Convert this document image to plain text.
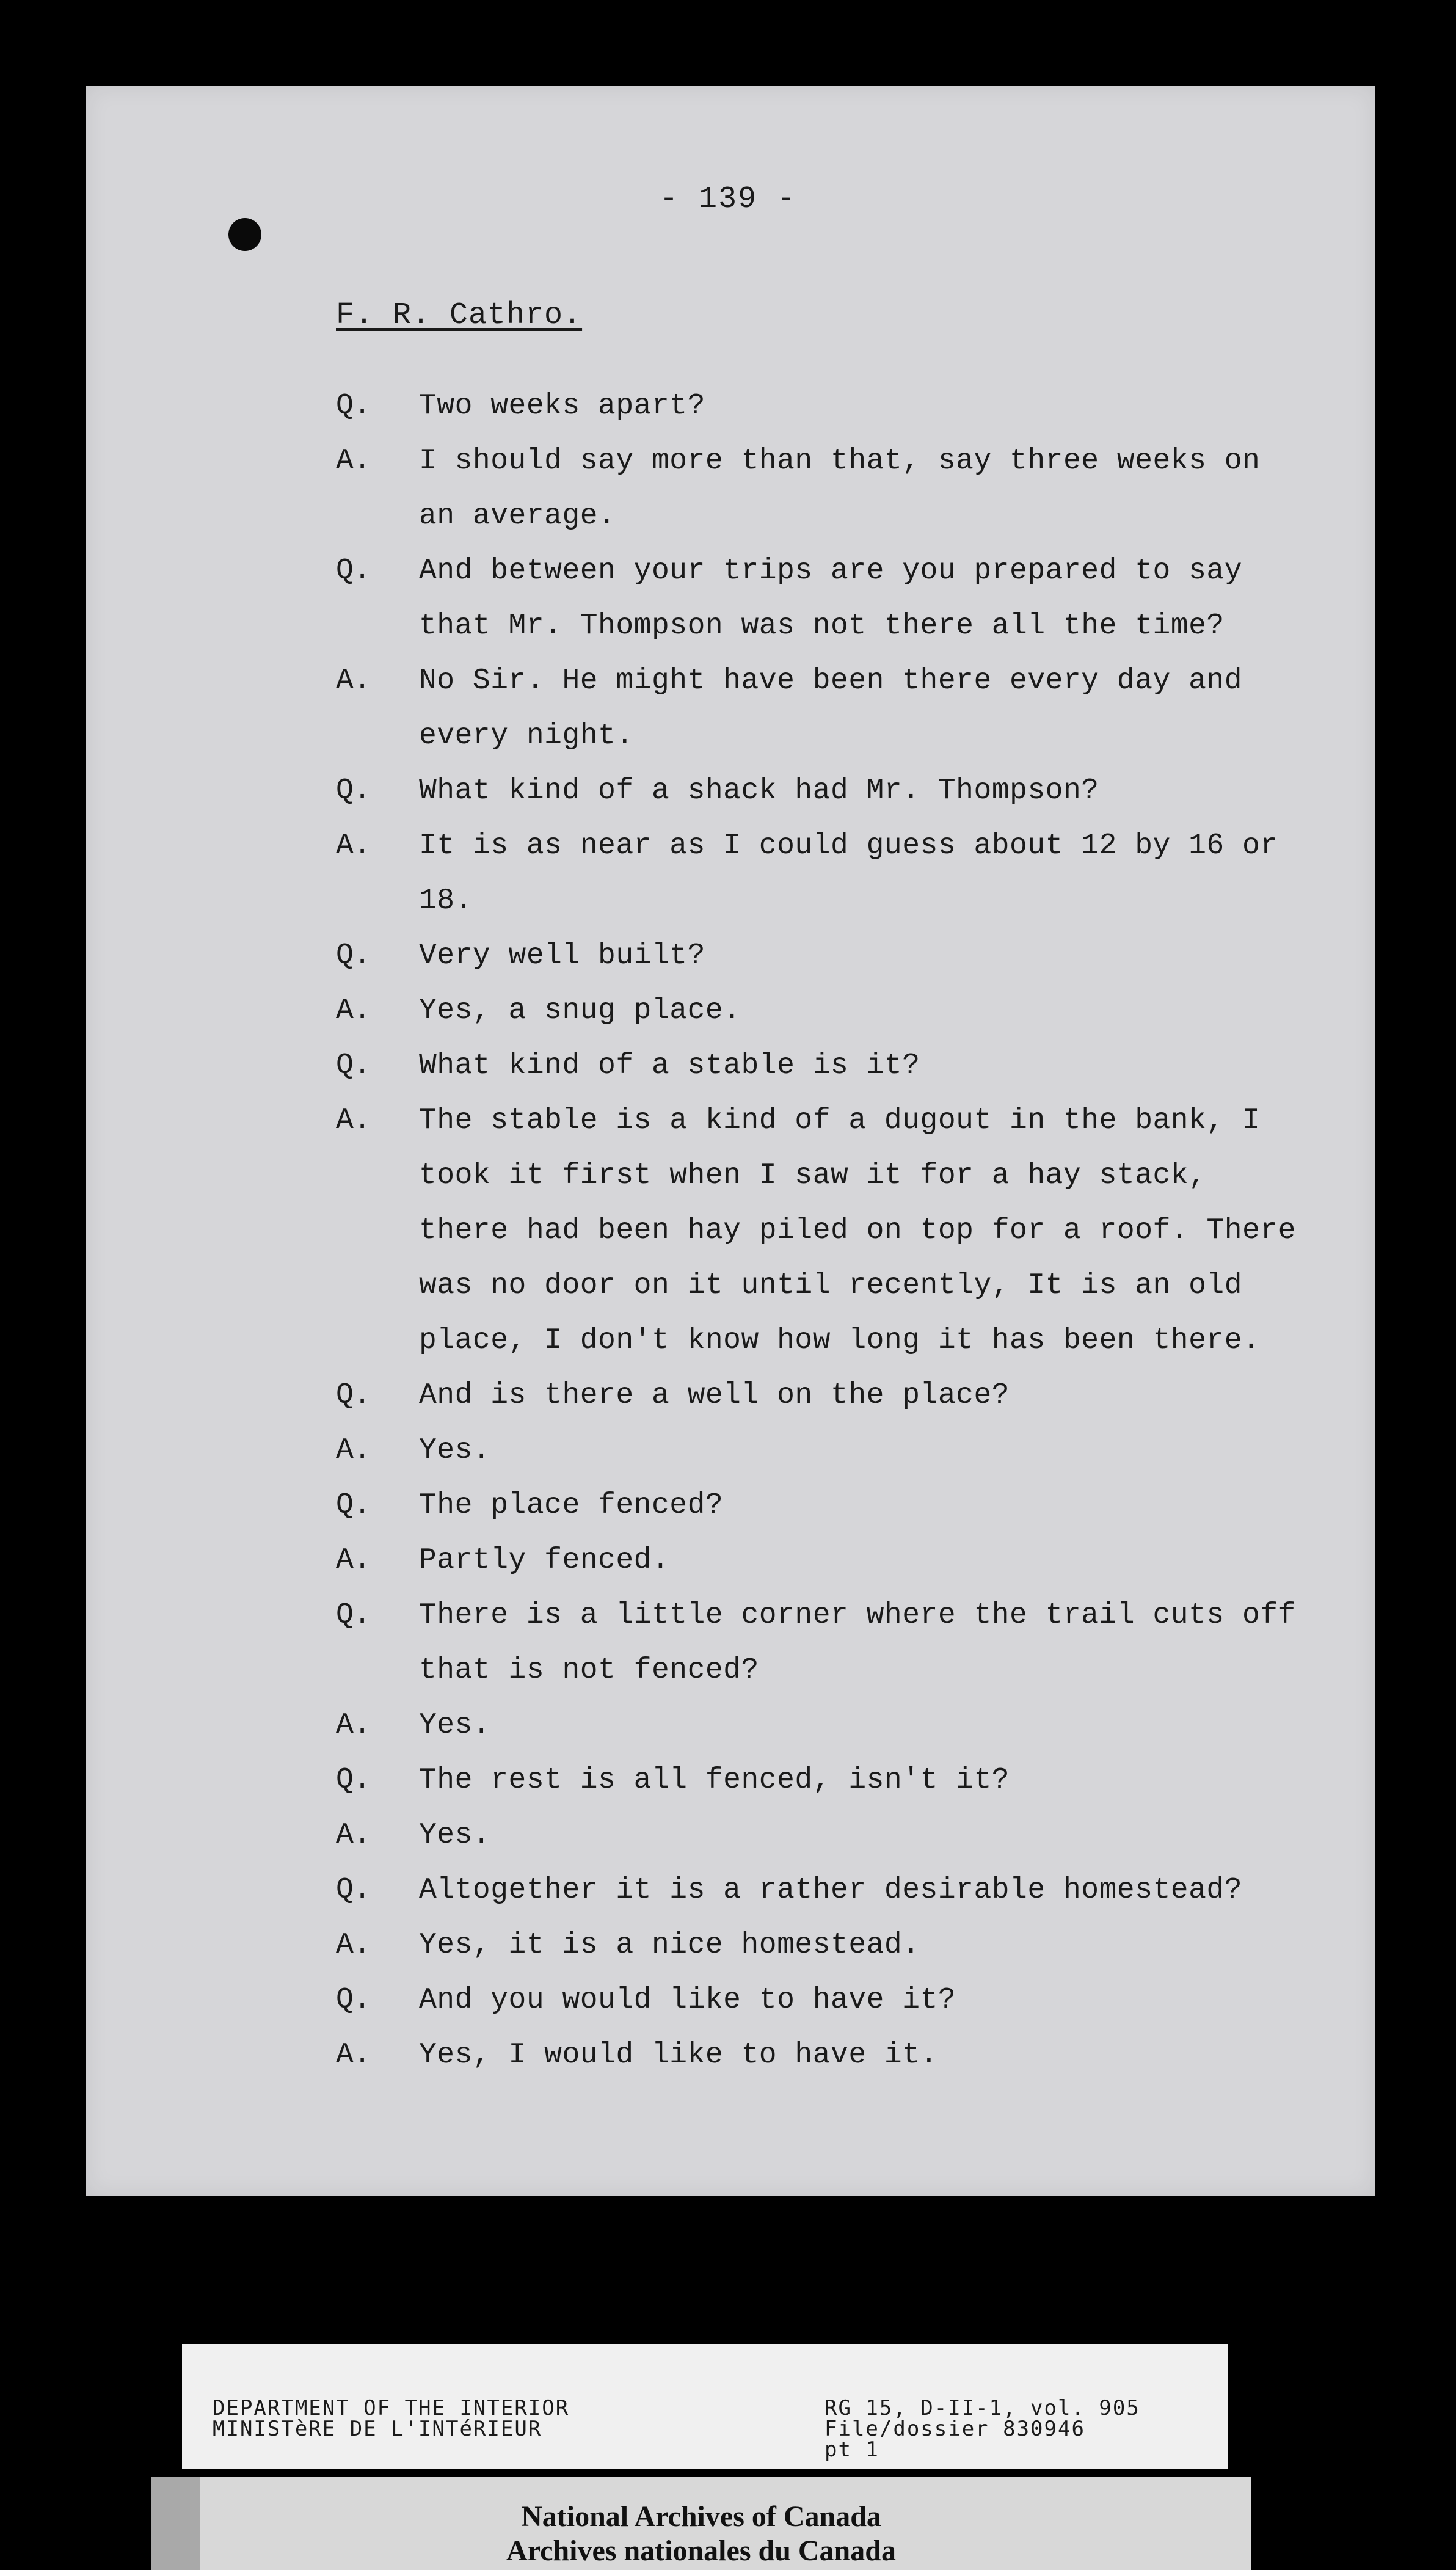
- 139 -
F. R. Cathro.
Q.	Two weeks apart?
A.	I should say more than that, say three weeks on an average.
Q.	And between your trips are you prepared to say that Mr. Thompson was not there all the time?
A.	No Sir. He might have been there every day and every night.
Q.	What kind of a shack had Mr. Thompson?
A.	It is as near as I could guess about 12 by 16 or 18.
Q.	Very well built?
A.	Yes, a snug place.
Q.	What kind of a stable is it?
A.	The stable is a kind of a dugout in the bank, I took it first when I saw it for a hay stack, there had been hay piled on top for a roof. There was no door on it until recently, It is an old place, I don't know how long it has been there.
Q.	And is there a well on the place?
A.	Yes.
Q.	The place fenced?
A.	Partly fenced.
Q.	There is a little corner where the trail cuts off that is not fenced?
A.	Yes.
Q.	The rest is all fenced, isn't it?
A.	Yes.
Q.	Altogether it is a rather desirable homestead?
A.	Yes, it is a nice homestead.
Q.	And you would like to have it?
A.	Yes, I would like to have it.
DEPARTMENT OF THE INTERIOR
MINISTèRE DE L'INTéRIEUR
RG 15, D-II-1, vol. 905
File/dossier 830946
pt 1
National Archives of Canada
Archives nationales du Canada
